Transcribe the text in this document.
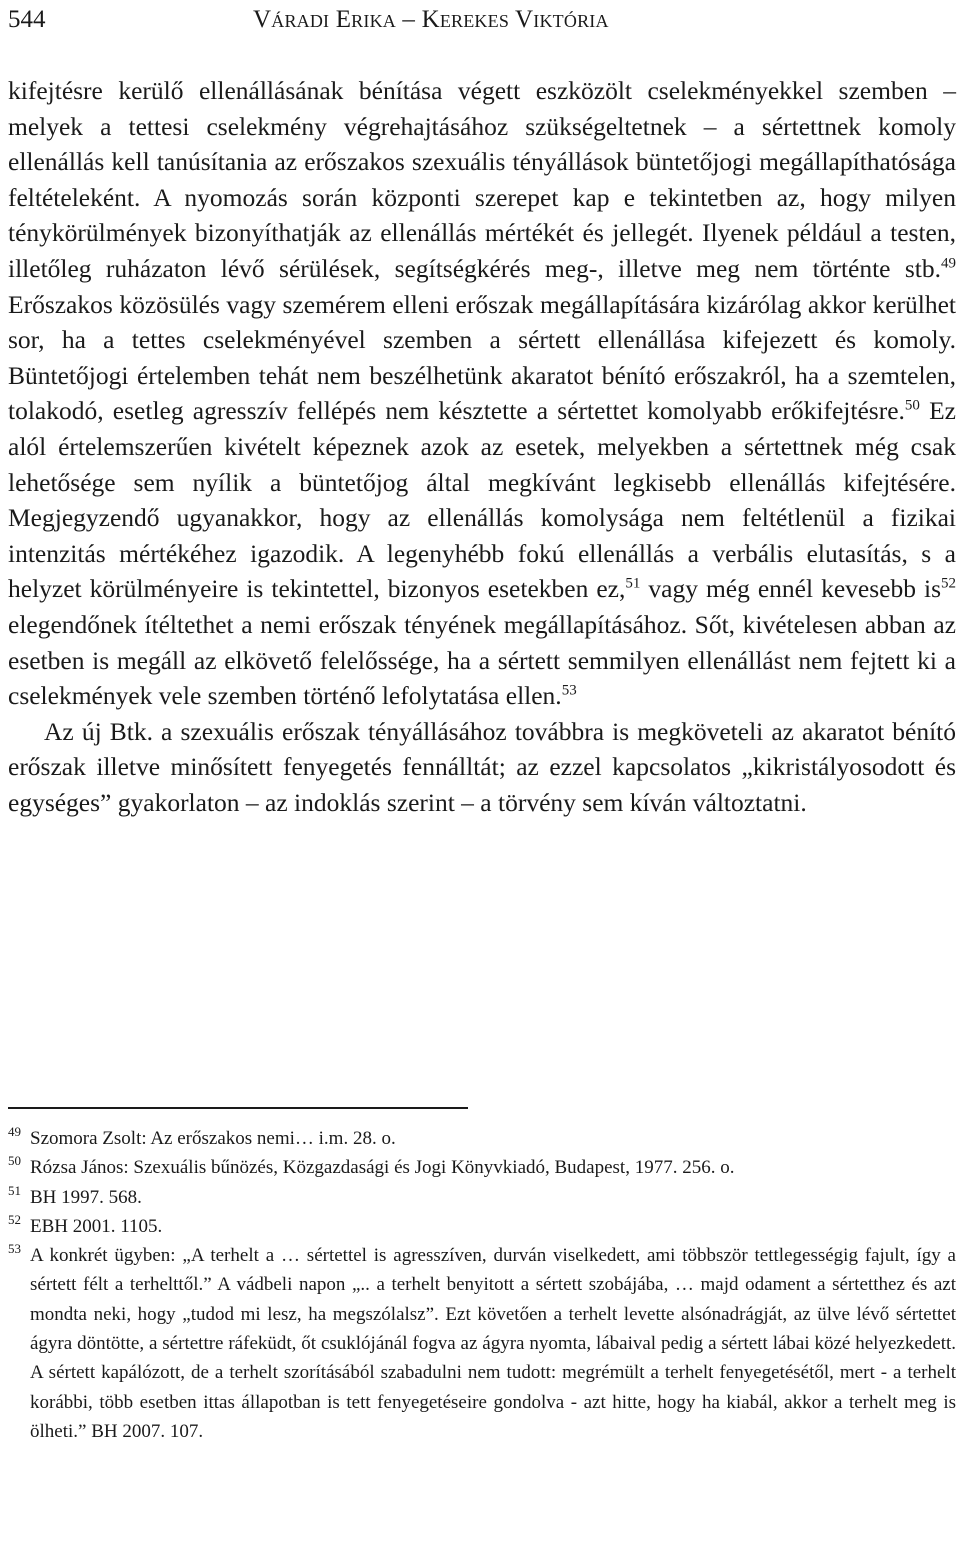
544	Váradi Erika – Kerekes Viktória

kifejtésre kerülő ellenállásának bénítása végett eszközölt cselekményekkel szemben – melyek a tettesi cselekmény végrehajtásához szükségeltetnek – a sértettnek komoly ellenállás kell tanúsítania az erőszakos szexuális tényállások büntetőjogi megállapíthatósága feltételeként. A nyomozás során központi szerepet kap e tekintetben az, hogy milyen ténykörülmények bizonyíthatják az ellenállás mértékét és jellegét. Ilyenek például a testen, illetőleg ruházaton lévő sérülések, segítségkérés meg-, illetve meg nem történte stb.$^{49}$ Erőszakos közösülés vagy szemérem elleni erőszak megállapítására kizárólag akkor kerülhet sor, ha a tettes cselekményével szemben a sértett ellenállása kifejezett és komoly. Büntetőjogi értelemben tehát nem beszélhetünk akaratot bénító erőszakról, ha a szemtelen, tolakodó, esetleg agresszív fellépés nem késztette a sértettet komolyabb erőkifejtésre.$^{50}$ Ez alól értelemszerűen kivételt képeznek azok az esetek, melyekben a sértettnek még csak lehetősége sem nyílik a büntetőjog által megkívánt legkisebb ellenállás kifejtésére. Megjegyzendő ugyanakkor, hogy az ellenállás komolysága nem feltétlenül a fizikai intenzitás mértékéhez igazodik. A legenyhébb fokú ellenállás a verbális elutasítás, s a helyzet körülményeire is tekintettel, bizonyos esetekben ez,$^{51}$ vagy még ennél kevesebb $is^{52}$ elegendőnek ítéltethet a nemi erőszak tényének megállapításához. Sőt, kivételesen abban az esetben is megáll az elkövető felelőssége, ha a sértett semmilyen ellenállást nem fejtett ki a cselekmények vele szemben történő lefolytatása ellen.$^{53}$

Az új Btk. a szexuális erőszak tényállásához továbbra is megköveteli az akaratot bénító erőszak illetve minősített fenyegetés fennálltát; az ezzel kapcsolatos „kikristályosodott és egységes” gyakorlaton – az indoklás szerint – a törvény sem kíván változtatni.

49 Szomora Zsolt: Az erőszakos nemi… i.m. 28. o.

50 Rózsa János: Szexuális bűnözés, Közgazdasági és Jogi Könyvkiadó, Budapest, 1977. 256. o.

51 BH 1997. 568.

52 EBH 2001. 1105.

53 A konkrét ügyben: „A terhelt a … sértettel is agresszíven, durván viselkedett, ami többször tettlegességig fajult, így a sértett félt a terhelttől.” A vádbeli napon „.. a terhelt benyitott a sértett szobájába, … majd odament a sértetthez és azt mondta neki, hogy „tudod mi lesz, ha megszólalsz”. Ezt követően a terhelt levette alsónadrágját, az ülve lévő sértettet ágyra döntötte, a sértettre ráfeküdt, őt csuklójánál fogva az ágyra nyomta, lábaival pedig a sértett lábai közé helyezkedett. A sértett kapálózott, de a terhelt szorításából szabadulni nem tudott: megrémült a terhelt fenyegetésétől, mert - a terhelt korábbi, több esetben ittas állapotban is tett fenyegetéseire gondolva - azt hitte, hogy ha kiabál, akkor a terhelt meg is ölheti.” BH 2007. 107.
